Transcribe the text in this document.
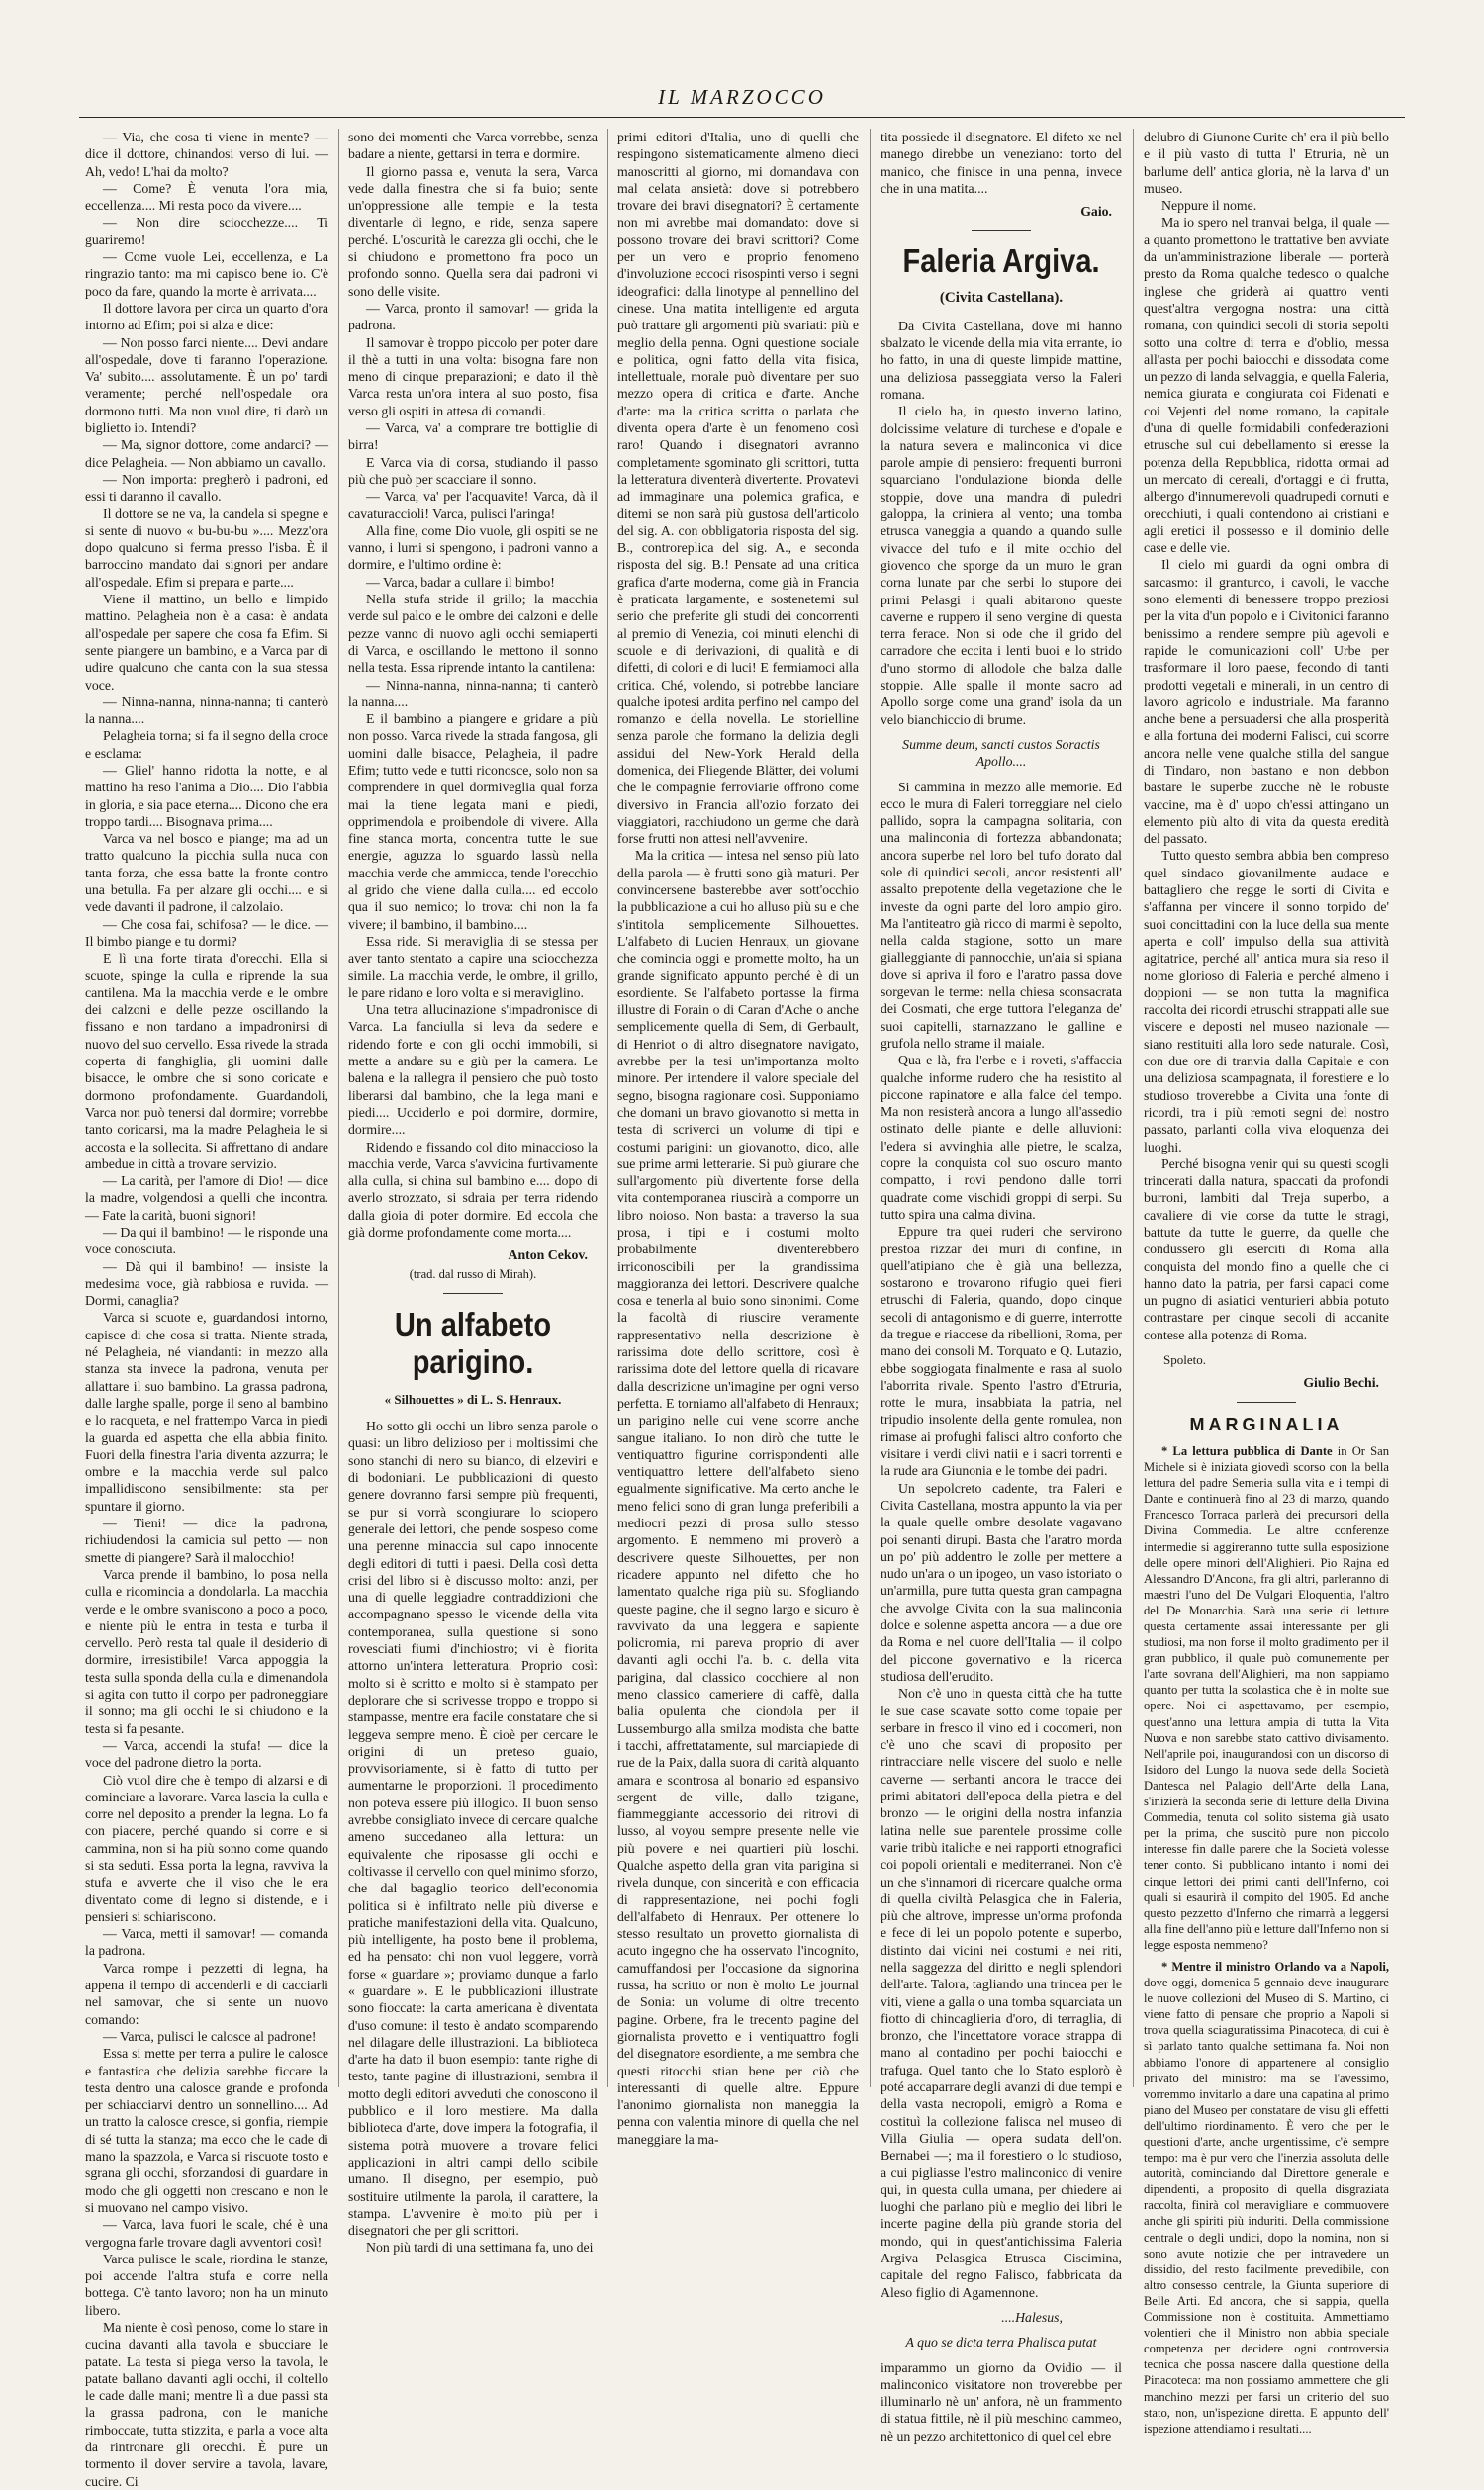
IL MARZOCCO

— Via, che cosa ti viene in mente? — dice il dottore, chinandosi verso di lui. — Ah, vedo! L'hai da molto?

— Come? È venuta l'ora mia, eccellenza.... Mi resta poco da vivere....

— Non dire sciocchezze.... Ti guariremo!

— Come vuole Lei, eccellenza, e La ringrazio tanto: ma mi capisco bene io. C'è poco da fare, quando la morte è arrivata....

Il dottore lavora per circa un quarto d'ora intorno ad Efim; poi si alza e dice:

— Non posso farci niente.... Devi andare all'ospedale, dove ti faranno l'operazione. Va' subito.... assolutamente. È un po' tardi veramente; perché nell'ospedale ora dormono tutti. Ma non vuol dire, ti darò un biglietto io. Intendi?

— Ma, signor dottore, come andarci? — dice Pelagheia. — Non abbiamo un cavallo.

— Non importa: pregherò i padroni, ed essi ti daranno il cavallo.

Il dottore se ne va, la candela si spegne e si sente di nuovo « bu-bu-bu ».... Mezz'ora dopo qualcuno si ferma presso l'isba. È il barroccino mandato dai signori per andare all'ospedale. Efim si prepara e parte....

Viene il mattino, un bello e limpido mattino. Pelagheia non è a casa: è andata all'ospedale per sapere che cosa fa Efim. Si sente piangere un bambino, e a Varca par di udire qualcuno che canta con la sua stessa voce.

— Ninna-nanna, ninna-nanna; ti canterò la nanna....

Pelagheia torna; si fa il segno della croce e esclama:

— Gliel' hanno ridotta la notte, e al mattino ha reso l'anima a Dio.... Dio l'abbia in gloria, e sia pace eterna.... Dicono che era troppo tardi.... Bisognava prima....

Varca va nel bosco e piange; ma ad un tratto qualcuno la picchia sulla nuca con tanta forza, che essa batte la fronte contro una betulla. Fa per alzare gli occhi.... e si vede davanti il padrone, il calzolaio.

— Che cosa fai, schifosa? — le dice. — Il bimbo piange e tu dormi?

E lì una forte tirata d'orecchi. Ella si scuote, spinge la culla e riprende la sua cantilena. Ma la macchia verde e le ombre dei calzoni e delle pezze oscillando la fissano e non tardano a impadronirsi di nuovo del suo cervello. Essa rivede la strada coperta di fanghiglia, gli uomini dalle bisacce, le ombre che si sono coricate e dormono profondamente. Guardandoli, Varca non può tenersi dal dormire; vorrebbe tanto coricarsi, ma la madre Pelagheia le si accosta e la sollecita. Si affrettano di andare ambedue in città a trovare servizio.

— La carità, per l'amore di Dio! — dice la madre, volgendosi a quelli che incontra. — Fate la carità, buoni signori!

— Da qui il bambino! — le risponde una voce conosciuta.

— Dà qui il bambino! — insiste la medesima voce, già rabbiosa e ruvida. — Dormi, canaglia?

Varca si scuote e, guardandosi intorno, capisce di che cosa si tratta. Niente strada, né Pelagheia, né viandanti: in mezzo alla stanza sta invece la padrona, venuta per allattare il suo bambino. La grassa padrona, dalle larghe spalle, porge il seno al bambino e lo racqueta, e nel frattempo Varca in piedi la guarda ed aspetta che ella abbia finito. Fuori della finestra l'aria diventa azzurra; le ombre e la macchia verde sul palco impallidiscono sensibilmente: sta per spuntare il giorno.

— Tieni! — dice la padrona, richiudendosi la camicia sul petto — non smette di piangere? Sarà il malocchio!

Varca prende il bambino, lo posa nella culla e ricomincia a dondolarla. La macchia verde e le ombre svaniscono a poco a poco, e niente più le entra in testa e turba il cervello. Però resta tal quale il desiderio di dormire, irresistibile! Varca appoggia la testa sulla sponda della culla e dimenandola si agita con tutto il corpo per padroneggiare il sonno; ma gli occhi le si chiudono e la testa si fa pesante.

— Varca, accendi la stufa! — dice la voce del padrone dietro la porta.

Ciò vuol dire che è tempo di alzarsi e di cominciare a lavorare. Varca lascia la culla e corre nel deposito a prender la legna. Lo fa con piacere, perché quando si corre e si cammina, non si ha più sonno come quando si sta seduti. Essa porta la legna, ravviva la stufa e avverte che il viso che le era diventato come di legno si distende, e i pensieri si schiariscono.

— Varca, metti il samovar! — comanda la padrona.

Varca rompe i pezzetti di legna, ha appena il tempo di accenderli e di cacciarli nel samovar, che si sente un nuovo comando:

— Varca, pulisci le calosce al padrone!

Essa si mette per terra a pulire le calosce e fantastica che delizia sarebbe ficcare la testa dentro una calosce grande e profonda per schiacciarvi dentro un sonnellino.... Ad un tratto la calosce cresce, si gonfia, riempie di sé tutta la stanza; ma ecco che le cade di mano la spazzola, e Varca si riscuote tosto e sgrana gli occhi, sforzandosi di guardare in modo che gli oggetti non crescano e non le si muovano nel campo visivo.

— Varca, lava fuori le scale, ché è una vergogna farle trovare dagli avventori così!

Varca pulisce le scale, riordina le stanze, poi accende l'altra stufa e corre nella bottega. C'è tanto lavoro; non ha un minuto libero.

Ma niente è così penoso, come lo stare in cucina davanti alla tavola e sbucciare le patate. La testa si piega verso la tavola, le patate ballano davanti agli occhi, il coltello le cade dalle mani; mentre lì a due passi sta la grassa padrona, con le maniche rimboccate, tutta stizzita, e parla a voce alta da rintronare gli orecchi. È pure un tormento il dover servire a tavola, lavare, cucire. Ci

sono dei momenti che Varca vorrebbe, senza badare a niente, gettarsi in terra e dormire.

Il giorno passa e, venuta la sera, Varca vede dalla finestra che si fa buio; sente un'oppressione alle tempie e la testa diventarle di legno, e ride, senza sapere perché. L'oscurità le carezza gli occhi, che le si chiudono e promettono fra poco un profondo sonno. Quella sera dai padroni vi sono delle visite.

— Varca, pronto il samovar! — grida la padrona.

Il samovar è troppo piccolo per poter dare il thè a tutti in una volta: bisogna fare non meno di cinque preparazioni; e dato il thè Varca resta un'ora intera al suo posto, fisa verso gli ospiti in attesa di comandi.

— Varca, va' a comprare tre bottiglie di birra!

E Varca via di corsa, studiando il passo più che può per scacciare il sonno.

— Varca, va' per l'acquavite! Varca, dà il cavaturaccioli! Varca, pulisci l'aringa!

Alla fine, come Dio vuole, gli ospiti se ne vanno, i lumi si spengono, i padroni vanno a dormire, e l'ultimo ordine è:

— Varca, badar a cullare il bimbo!

Nella stufa stride il grillo; la macchia verde sul palco e le ombre dei calzoni e delle pezze vanno di nuovo agli occhi semiaperti di Varca, e oscillando le mettono il sonno nella testa. Essa riprende intanto la cantilena:

— Ninna-nanna, ninna-nanna; ti canterò la nanna....

E il bambino a piangere e gridare a più non posso. Varca rivede la strada fangosa, gli uomini dalle bisacce, Pelagheia, il padre Efim; tutto vede e tutti riconosce, solo non sa comprendere in quel dormiveglia qual forza mai la tiene legata mani e piedi, opprimendola e proibendole di vivere. Alla fine stanca morta, concentra tutte le sue energie, aguzza lo sguardo lassù nella macchia verde che ammicca, tende l'orecchio al grido che viene dalla culla.... ed eccolo qua il suo nemico; lo trova: chi non la fa vivere; il bambino, il bambino....

Essa ride. Si meraviglia di se stessa per aver tanto stentato a capire una sciocchezza simile. La macchia verde, le ombre, il grillo, le pare ridano e loro volta e si meraviglino.

Una tetra allucinazione s'impadronisce di Varca. La fanciulla si leva da sedere e ridendo forte e con gli occhi immobili, si mette a andare su e giù per la camera. Le balena e la rallegra il pensiero che può tosto liberarsi dal bambino, che la lega mani e piedi.... Ucciderlo e poi dormire, dormire, dormire....

Ridendo e fissando col dito minaccioso la macchia verde, Varca s'avvicina furtivamente alla culla, si china sul bambino e.... dopo di averlo strozzato, si sdraia per terra ridendo dalla gioia di poter dormire. Ed eccola che già dorme profondamente come morta....

Anton Cekov.
(trad. dal russo di Mirah).
Un alfabeto parigino.
« Silhouettes » di L. S. Henraux.

Ho sotto gli occhi un libro senza parole o quasi: un libro delizioso per i moltissimi che sono stanchi di nero su bianco, di elzeviri e di bodoniani. Le pubblicazioni di questo genere dovranno farsi sempre più frequenti, se pur si vorrà scongiurare lo sciopero generale dei lettori, che pende sospeso come una perenne minaccia sul capo innocente degli editori di tutti i paesi. Della così detta crisi del libro si è discusso molto: anzi, per una di quelle leggiadre contraddizioni che accompagnano spesso le vicende della vita contemporanea, sulla questione si sono rovesciati fiumi d'inchiostro; vi è fiorita attorno un'intera letteratura. Proprio così: molto si è scritto e molto si è stampato per deplorare che si scrivesse troppo e troppo si stampasse, mentre era facile constatare che si leggeva sempre meno. È cioè per cercare le origini di un preteso guaio, provvisoriamente, si è fatto di tutto per aumentarne le proporzioni. Il procedimento non poteva essere più illogico. Il buon senso avrebbe consigliato invece di cercare qualche ameno succedaneo alla lettura: un equivalente che riposasse gli occhi e coltivasse il cervello con quel minimo sforzo, che dal bagaglio teorico dell'economia politica si è infiltrato nelle più diverse e pratiche manifestazioni della vita. Qualcuno, più intelligente, ha posto bene il problema, ed ha pensato: chi non vuol leggere, vorrà forse « guardare »; proviamo dunque a farlo « guardare ». E le pubblicazioni illustrate sono fioccate: la carta americana è diventata d'uso comune: il testo è andato scomparendo nel dilagare delle illustrazioni. La biblioteca d'arte ha dato il buon esempio: tante righe di testo, tante pagine di illustrazioni, sembra il motto degli editori avveduti che conoscono il pubblico e il loro mestiere. Ma dalla biblioteca d'arte, dove impera la fotografia, il sistema potrà muovere a trovare felici applicazioni in altri campi dello scibile umano. Il disegno, per esempio, può sostituire utilmente la parola, il carattere, la stampa. L'avvenire è molto più per i disegnatori che per gli scrittori.

Non più tardi di una settimana fa, uno dei

primi editori d'Italia, uno di quelli che respingono sistematicamente almeno dieci manoscritti al giorno, mi domandava con mal celata ansietà: dove si potrebbero trovare dei bravi disegnatori? È certamente non mi avrebbe mai domandato: dove si possono trovare dei bravi scrittori? Come per un vero e proprio fenomeno d'involuzione eccoci risospinti verso i segni ideografici: dalla linotype al pennellino del cinese. Una matita intelligente ed arguta può trattare gli argomenti più svariati: più e meglio della penna. Ogni questione sociale e politica, ogni fatto della vita fisica, intellettuale, morale può diventare per suo mezzo opera di critica e d'arte. Anche d'arte: ma la critica scritta o parlata che diventa opera d'arte è un fenomeno così raro! Quando i disegnatori avranno completamente sgominato gli scrittori, tutta la letteratura diventerà divertente. Provatevi ad immaginare una polemica grafica, e ditemi se non sarà più gustosa dell'articolo del sig. A. con obbligatoria risposta del sig. B., controreplica del sig. A., e seconda risposta del sig. B.! Pensate ad una critica grafica d'arte moderna, come già in Francia è praticata largamente, e sostenetemi sul serio che preferite gli studi dei concorrenti al premio di Venezia, coi minuti elenchi di scuole e di derivazioni, di qualità e di difetti, di colori e di luci! E fermiamoci alla critica. Ché, volendo, si potrebbe lanciare qualche ipotesi ardita perfino nel campo del romanzo e della novella. Le storielline senza parole che formano la delizia degli assidui del New-York Herald della domenica, dei Fliegende Blätter, dei volumi che le compagnie ferroviarie offrono come diversivo in Francia all'ozio forzato dei viaggiatori, racchiudono un germe che darà forse frutti non attesi nell'avvenire.

Ma la critica — intesa nel senso più lato della parola — è frutti sono già maturi. Per convincersene basterebbe aver sott'occhio la pubblicazione a cui ho alluso più su e che s'intitola semplicemente Silhouettes. L'alfabeto di Lucien Henraux, un giovane che comincia oggi e promette molto, ha un grande significato appunto perché è di un esordiente. Se l'alfabeto portasse la firma illustre di Forain o di Caran d'Ache o anche semplicemente quella di Sem, di Gerbault, di Henriot o di altro disegnatore navigato, avrebbe per la tesi un'importanza molto minore. Per intendere il valore speciale del segno, bisogna ragionare così. Supponiamo che domani un bravo giovanotto si metta in testa di scriverci un volume di tipi e costumi parigini: un giovanotto, dico, alle sue prime armi letterarie. Si può giurare che sull'argomento più divertente forse della vita contemporanea riuscirà a comporre un libro noioso. Non basta: a traverso la sua prosa, i tipi e i costumi molto probabilmente diventerebbero irriconoscibili per la grandissima maggioranza dei lettori. Descrivere qualche cosa e tenerla al buio sono sinonimi. Come la facoltà di riuscire veramente rappresentativo nella descrizione è rarissima dote dello scrittore, così è rarissima dote del lettore quella di ricavare dalla descrizione un'imagine per ogni verso perfetta. E torniamo all'alfabeto di Henraux; un pariginо nelle cui vene scorre anche sangue italiano. Io non dirò che tutte le ventiquattro figurine corrispondenti alle ventiquattro lettere dell'alfabeto sieno egualmente significative. Ma certo anche le meno felici sono di gran lunga preferibili a mediocri pezzi di prosa sullo stesso argomento. E nemmeno mi proverò a descrivere queste Silhouettes, per non ricadere appunto nel difetto che ho lamentato qualche riga più su. Sfogliando queste pagine, che il segno largo e sicuro è ravvivato da una leggera e sapiente policromia, mi pareva proprio di aver davanti agli occhi l'a. b. c. della vita parigina, dal classico cocchiere al non meno classico cameriere di caffè, dalla balia opulenta che ciondola per il Lussemburgo alla smilza modista che batte i tacchi, affrettatamente, sul marciapiede di rue de la Paix, dalla suora di carità alquanto amara e scontrosa al bonario ed espansivo sergent de ville, dallo tzigane, fiammeggiante accessorio dei ritrovi di lusso, al voyou sempre presente nelle vie più povere e nei quartieri più loschi. Qualche aspetto della gran vita parigina si rivela dunque, con sincerità e con efficacia di rappresentazione, nei pochi fogli dell'alfabeto di Henraux. Per ottenere lo stesso resultato un provetto giornalista di acuto ingegno che ha osservato l'incognito, camuffandosi per l'occasione da signorina russa, ha scritto or non è molto Le journal de Sonia: un volume di oltre trecento pagine. Orbene, fra le trecento pagine del giornalista provetto e i ventiquattro fogli del disegnatore esordiente, a me sembra che questi ritocchi stian bene per ciò che interessanti di quelle altre. Eppure l'anonimo giornalista non maneggia la penna con valentia minore di quella che nel maneggiare la ma-

tita possiede il disegnatore. El difeto xe nel manego direbbe un veneziano: torto del manico, che finisce in una penna, invece che in una matita....

Gaio.
Faleria Argiva.
(Civita Castellana).

Da Civita Castellana, dove mi hanno sbalzato le vicende della mia vita errante, io ho fatto, in una di queste limpide mattine, una deliziosa passeggiata verso la Faleri romana.

Il cielo ha, in questo inverno latino, dolcissime velature di turchese e d'opale e la natura severa e malinconica vi dice parole ampie di pensiero: frequenti burroni squarciano l'ondulazione bionda delle stoppie, dove una mandra di puledri galoppa, la criniera al vento; una tomba etrusca vaneggia a quando a quando sulle vivacce del tufo e il mite occhio del giovenco che sporge da un muro le gran corna lunate par che serbi lo stupore dei primi Pelasgi i quali abitarono queste caverne e ruppero il seno vergine di questa terra ferace. Non si ode che il grido del carradore che eccita i lenti buoi e lo strido d'uno stormo di allodole che balza dalle stoppie. Alle spalle il monte sacro ad Apollo sorge come una grand' isola da un velo bianchiccio di brume.

Summe deum, sancti custos Soractis Apollo....

Si cammina in mezzo alle memorie. Ed ecco le mura di Faleri torreggiare nel cielo pallido, sopra la campagna solitaria, con una malinconia di fortezza abbandonata; ancora superbe nel loro bel tufo dorato dal sole di quindici secoli, ancor resistenti all' assalto prepotente della vegetazione che le investe da ogni parte del loro ampio giro. Ma l'antiteatro già ricco di marmi è sepolto, nella calda stagione, sotto un mare gialleggiante di pannocchie, un'aia si spiana dove si apriva il foro e l'aratro passa dove sorgevan le terme: nella chiesa sconsacrata dei Cosmati, che erge tuttora l'eleganza de' suoi capitelli, starnazzano le galline e grufola nello strame il maiale.

Qua e là, fra l'erbe e i roveti, s'affaccia qualche informe rudero che ha resistito al piccone rapinatore e alla falce del tempo. Ma non resisterà ancora a lungo all'assedio ostinato delle piante e delle alluvioni: l'edera si avvinghia alle pietre, le scalza, copre la conquista col suo oscuro manto compatto, i rovi pendono dalle torri quadrate come vischidi groppi di serpi. Su tutto spira una calma divina.

Eppure tra quei ruderi che servirono prestoa rizzar dei muri di confine, in quell'atipiano che è già una bellezza, sostarono e trovarono rifugio quei fieri etruschi di Faleria, quando, dopo cinque secoli di antagonismo e di guerre, interrotte da tregue e riaccese da ribellioni, Roma, per mano dei consoli M. Torquato e Q. Lutazio, ebbe soggiogata finalmente e rasa al suolo l'aborrita rivale. Spento l'astro d'Etruria, rotte le mura, insabbiata la patria, nel tripudio insolente della gente romulea, non rimase ai profughi falisci altro conforto che visitare i verdi clivi natii e i sacri torrenti e la rude ara Giunonia e le tombe dei padri.

Un sepolcreto cadente, tra Faleri e Civita Castellana, mostra appunto la via per la quale quelle ombre desolate vagavano poi senanti dirupi. Basta che l'aratro morda un po' più addentro le zolle per mettere a nudo un'ara o un ipogeo, un vaso istoriato o un'armilla, pure tutta questa gran campagna che avvolge Civita con la sua malinconia dolce e solenne aspetta ancora — a due ore da Roma e nel cuore dell'Italia — il colpo del piccone governativo e la ricerca studiosa dell'erudito.

Non c'è uno in questa città che ha tutte le sue case scavate sotto come topaie per serbare in fresco il vino ed i cocomeri, non c'è uno che scavi di proposito per rintracciare nelle viscere del suolo e nelle caverne — serbanti ancora le tracce dei primi abitatori dell'epoca della pietra e del bronzo — le origini della nostra infanzia latina nelle sue parentele prossime colle varie tribù italiche e nei rapporti etnografici coi popoli orientali e mediterranei. Non c'è un che s'innamori di ricercare qualche orma di quella civiltà Pelasgica che in Faleria, più che altrove, impresse un'orma profonda e fece di lei un popolo potente e superbo, distinto dai vicini nei costumi e nei riti, nella saggezza del diritto e negli splendori dell'arte. Talora, tagliando una trincea per le viti, viene a galla o una tomba squarciata un fiotto di chincaglieria d'oro, di terraglia, di bronzo, che l'incettatore vorace strappa di mano al contadino per pochi baiocchi e trafuga. Quel tanto che lo Stato esplorò è poté accaparrare degli avanzi di due tempi e della vasta necropoli, emigrò a Roma e costituì la collezione falisca nel museo di Villa Giulia — opera sudata dell'on. Bernabei —; ma il forestiero o lo studioso, a cui pigliasse l'estro malinconico di venire qui, in questa culla umana, per chiedere ai luoghi che parlano più e meglio dei libri le incerte pagine della più grande storia del mondo, qui in quest'antichissima Faleria Argiva Pelasgica Etrusca Ciscimina, capitale del regno Falisco, fabbricata da Aleso figlio di Agamennone.

....Halesus,
A quo se dicta terra Phalisca putat

imparammo un giorno da Ovidio — il malinconico visitatore non troverebbe per illuminarlo nè un' anfora, nè un frammento di statua fittile, nè il più meschino cammeo, nè un pezzo architettonico di quel cel ebre

delubro di Giunone Curite ch' era il più bello e il più vasto di tutta l' Etruria, nè un barlume dell' antica gloria, nè la larva d' un museo.

Neppure il nome.

Ma io spero nel tranvai belga, il quale — a quanto promettono le trattative ben avviate da un'amministrazione liberale — porterà presto da Roma qualche tedesco o qualche inglese che griderà ai quattro venti quest'altra vergogna nostra: una città romana, con quindici secoli di storia sepolti sotto una coltre di terra e d'oblio, messa all'asta per pochi baiocchi e dissodata come un pezzo di landa selvaggia, e quella Faleria, nemica giurata e congiurata coi Fidenati e coi Vejenti del nome romano, la capitale d'una di quelle formidabili confederazioni etrusche sul cui debellamento si eresse la potenza della Repubblica, ridotta ormai ad un mercato di cereali, d'ortaggi e di frutta, albergo d'innumerevoli quadrupedi cornuti e orecchiuti, i quali contendono ai cristiani e agli eretici il possesso e il dominio delle case e delle vie.

Il cielo mi guardi da ogni ombra di sarcasmo: il granturco, i cavoli, le vacche sono elementi di benessere troppo preziosi per la vita d'un popolo e i Civitonici faranno benissimo a rendere sempre più agevoli e rapide le comunicazioni coll' Urbe per trasformare il loro paese, fecondo di tanti prodotti vegetali e minerali, in un centro di lavoro agricolo e industriale. Ma faranno anche bene a persuadersi che alla prosperità e alla fortuna dei moderni Falisci, cui scorre ancora nelle vene qualche stilla del sangue di Tindaro, non bastano e non debbon bastare le superbe zucche nè le robuste vaccine, ma è d' uopo ch'essi attingano un elemento più alto di vita da questa eredità del passato.

Tutto questo sembra abbia ben compreso quel sindaco giovanilmente audace e battagliero che regge le sorti di Civita e s'affanna per vincere il sonno torpido de' suoi concittadini con la luce della sua mente aperta e coll' impulso della sua attività agitatrice, perché all' antica mura sia reso il nome glorioso di Faleria e perché almeno i doppioni — se non tutta la magnifica raccolta dei ricordi etruschi strappati alle sue viscere e deposti nel museo nazionale — siano restituiti alla loro sede naturale. Così, con due ore di tranvia dalla Capitale e con una deliziosa scampagnata, il forestiere e lo studioso troverebbe a Civita una fonte di ricordi, tra i più remoti segni del nostro passato, parlanti colla viva eloquenza dei luoghi.

Perché bisogna venir qui su questi scogli trincerati dalla natura, spaccati da profondi burroni, lambiti dal Treja superbo, a cavaliere di vie corse da tutte le stragi, battute da tutte le guerre, da quelle che condussero gli eserciti di Roma alla conquista del mondo fino a quelle che ci hanno dato la patria, per farsi capaci come un pugno di asiatici venturieri abbia potuto contrastare per cinque secoli di accanite contese alla potenza di Roma.

Spoleto.
Giulio Bechi.
MARGINALIA

* La lettura pubblica di Dante in Or San Michele si è iniziata giovedì scorso con la bella lettura del padre Semeria sulla vita e i tempi di Dante e continuerà fino al 23 di marzo, quando Francesco Torraca parlerà dei precursori della Divina Commedia. Le altre conferenze intermedie si aggireranno tutte sulla esposizione delle opere minori dell'Alighieri. Pio Rajna ed Alessandro D'Ancona, fra gli altri, parleranno di maestri l'uno del De Vulgari Eloquentia, l'altro del De Monarchia. Sarà una serie di letture questa certamente assai interessante per gli studiosi, ma non forse il molto gradimento per il gran pubblico, il quale può comunemente per l'arte sovrana dell'Alighieri, ma non sappiamo quanto per tutta la scolastica che è in molte sue opere. Noi ci aspettavamo, per esempio, quest'anno una lettura ampia di tutta la Vita Nuova e non sarebbe stato cattivo divisamento. Nell'aprile poi, inaugurandosi con un discorso di Isidoro del Lungo la nuova sede della Società Dantesca nel Palagio dell'Arte della Lana, s'inizierà la seconda serie di letture della Divina Commedia, tenuta col solito sistema già usato per la prima, che suscitò pure non piccolo interesse fin dalle parere che la Società volesse tener conto. Si pubblicano intanto i nomi dei cinque lettori dei primi canti dell'Inferno, coi quali si esaurirà il compito del 1905. Ed anche questo pezzetto d'Inferno che rimarrà a leggersi alla fine dell'anno più e letture dall'Inferno non si legge esposta nemmeno?

* Mentre il ministro Orlando va a Napoli, dove oggi, domenica 5 gennaio deve inaugurare le nuove collezioni del Museo di S. Martino, ci viene fatto di pensare che proprio a Napoli si trova quella sciaguratissima Pinacoteca, di cui è sì parlato tanto qualche settimana fa. Noi non abbiamo l'onore di appartenere al consiglio privato del ministro: ma se l'avessimo, vorremmo invitarlo a dare una capatina al primo piano del Museo per constatare de visu gli effetti dell'ultimo riordinamento. È vero che per le questioni d'arte, anche urgentissime, c'è sempre tempo: ma è pur vero che l'inerzia assoluta delle autorità, cominciando dal Direttore generale e dipendenti, a proposito di quella disgraziata raccolta, finirà col meravigliare e commuovere anche gli spiriti più induriti. Della commissione centrale o degli undici, dopo la nomina, non si sono avute notizie che per intravedere un dissidio, del resto facilmente prevedibile, con altro consesso centrale, la Giunta superiore di Belle Arti. Ed ancora, che si sappia, quella Commissione non è costituita. Ammettiamo volentieri che il Ministro non abbia speciale competenza per decidere ogni controversia tecnica che possa nascere dalla questione della Pinacoteca: ma non possiamo ammettere che gli manchino mezzi per farsi un criterio del suo stato, non, un'ispezione diretta. E appunto dell' ispezione attendiamo i resultati....
